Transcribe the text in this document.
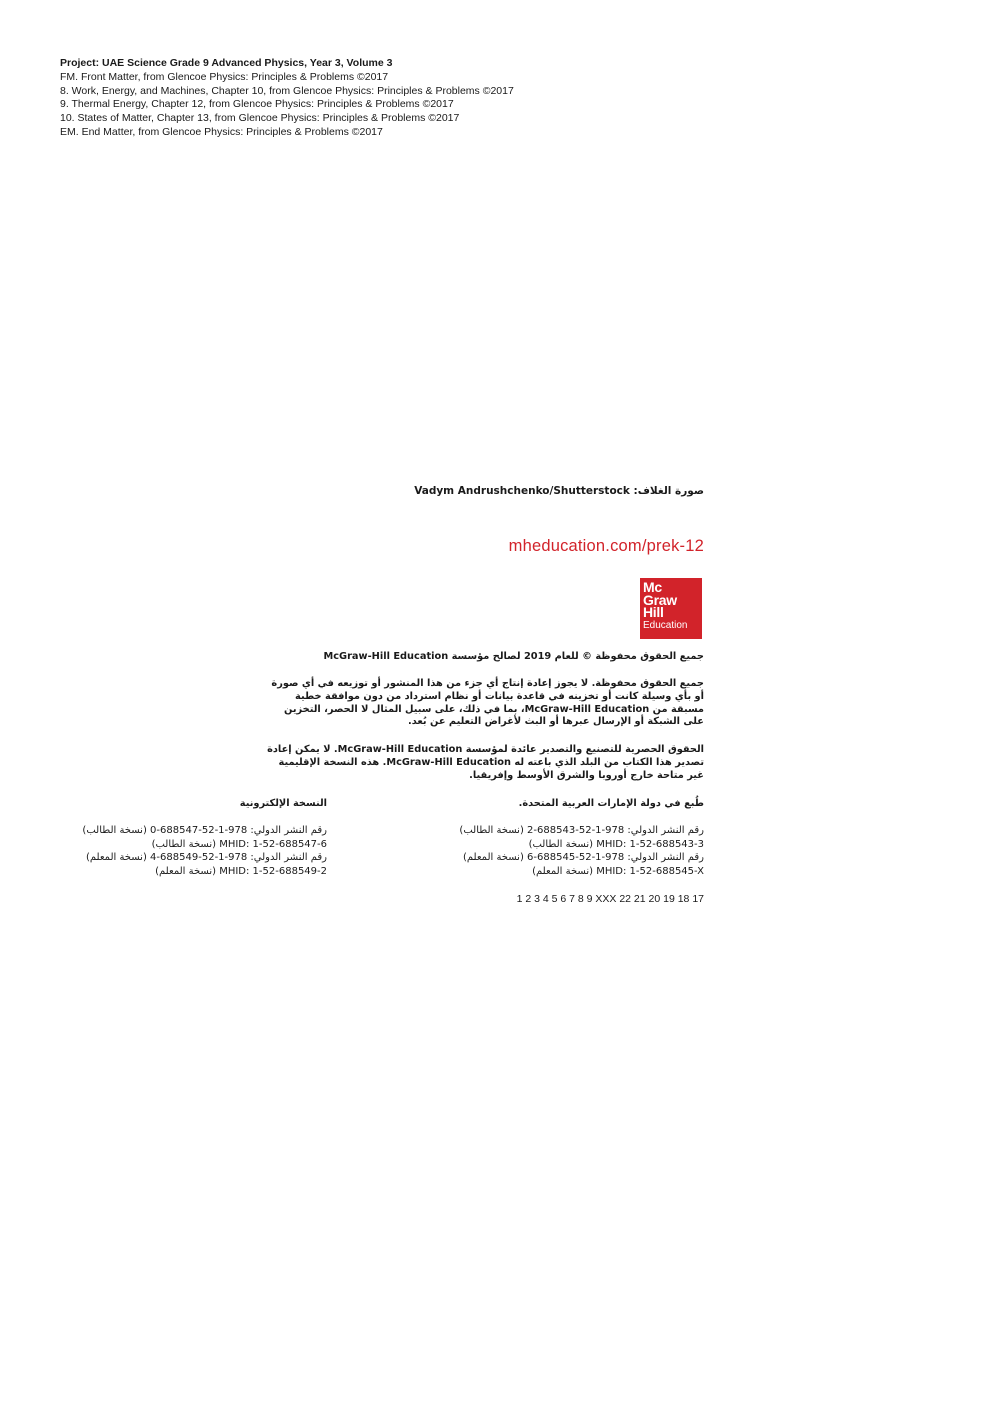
Project: UAE Science Grade 9 Advanced Physics, Year 3, Volume 3
FM. Front Matter, from Glencoe Physics: Principles & Problems ©2017
8. Work, Energy, and Machines, Chapter 10, from Glencoe Physics: Principles & Problems ©2017
9. Thermal Energy, Chapter 12, from Glencoe Physics: Principles & Problems ©2017
10. States of Matter, Chapter 13, from Glencoe Physics: Principles & Problems ©2017
EM. End Matter, from Glencoe Physics: Principles & Problems ©2017
صورة الغلاف: Vadym Andrushchenko/Shutterstock
mheducation.com/prek-12
Mc
Graw
Hill
Education
جميع الحقوق محفوظة © للعام 2019 لصالح مؤسسة McGraw-Hill Education
جميع الحقوق محفوظة. لا يجوز إعادة إنتاج أي جزء من هذا المنشور أو توزيعه في أي صورة أو بأي وسيلة كانت أو تخزينه في قاعدة بيانات أو نظام استرداد من دون موافقة خطية مسبقة من McGraw-Hill Education، بما في ذلك، على سبيل المثال لا الحصر، التخزين على الشبكة أو الإرسال عبرها أو البث لأغراض التعليم عن بُعد.
الحقوق الحصرية للتصنيع والتصدير عائدة لمؤسسة McGraw-Hill Education. لا يمكن إعادة تصدير هذا الكتاب من البلد الذي باعته له McGraw-Hill Education. هذه النسخة الإقليمية غير متاحة خارج أوروبا والشرق الأوسط وإفريقيا.
طُبع في دولة الإمارات العربية المتحدة.
النسخة الإلكترونية
رقم النشر الدولي: 978-1-52-688543-2 (نسخة الطالب)
MHID: 1-52-688543-3 (نسخة الطالب)
رقم النشر الدولي: 978-1-52-688545-6 (نسخة المعلم)
MHID: 1-52-688545-X (نسخة المعلم)
رقم النشر الدولي: 978-1-52-688547-0 (نسخة الطالب)
MHID: 1-52-688547-6 (نسخة الطالب)
رقم النشر الدولي: 978-1-52-688549-4 (نسخة المعلم)
MHID: 1-52-688549-2 (نسخة المعلم)
1 2 3 4 5 6 7 8 9 XXX 22 21 20 19 18 17
